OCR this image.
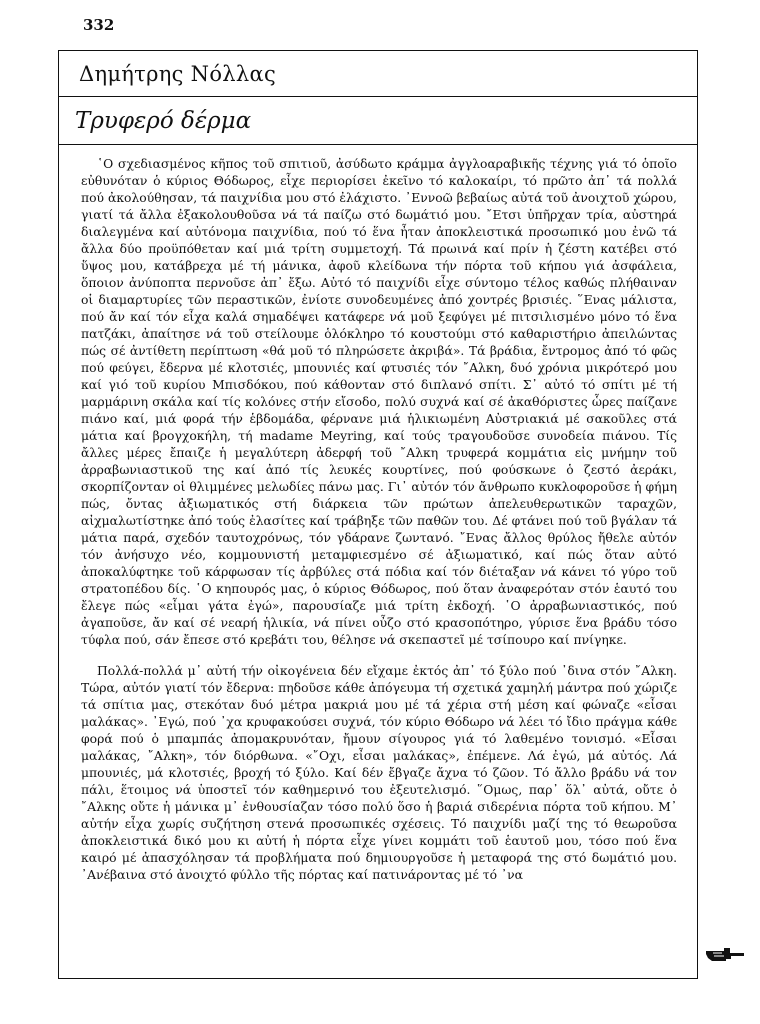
332
Δημήτρης Νόλλας
Τρυφερό δέρμα

῾Ο σχεδιασμένος κῆπος τοῦ σπιτιοῦ, ἀσύδωτο κράμμα ἀγγλοαραβικῆς τέχνης γιά τό ὁποῖο εὐθυνόταν ὁ κύριος Θόδωρος, εἶχε περιορίσει ἐκεῖνο τό καλοκαίρι, τό πρῶτο ἀπ᾿ τά πολλά πού ἀκολούθησαν, τά παιχνίδια μου στό ἐλάχιστο. ᾿Εννοῶ βεβαίως αὐτά τοῦ ἀνοιχτοῦ χώρου, γιατί τά ἄλλα ἐξακολουθοῦσα νά τά παίζω στό δωμάτιό μου. ῎Ετσι ὑπῆρχαν τρία, αὐστηρά διαλεγμένα καί αὐτόνομα παιχνίδια, πού τό ἕνα ἦταν ἀποκλειστικά προσωπικό μου ἐνῶ τά ἄλλα δύο προϋπόθεταν καί μιά τρίτη συμμετοχή. Τά πρωινά καί πρίν ἡ ζέστη κατέβει στό ὕψος μου, κατάβρεχα μέ τή μάνικα, ἀφοῦ κλείδωνα τήν πόρτα τοῦ κήπου γιά ἀσφάλεια, ὅποιον ἀνύποπτα περνοῦσε ἀπ᾿ ἔξω. Αὐτό τό παιχνίδι εἶχε σύντομο τέλος καθώς πλήθαιναν οἱ διαμαρτυρίες τῶν περαστικῶν, ἐνίοτε συνοδευμένες ἀπό χοντρές βρισιές. ῞Ενας μάλιστα, πού ἄν καί τόν εἶχα καλά σημαδέψει κατάφερε νά μοῦ ξεφύγει μέ πιτσιλισμένο μόνο τό ἕνα πατζάκι, ἀπαίτησε νά τοῦ στείλουμε ὁλόκληρο τό κουστούμι στό καθαριστήριο ἀπειλώντας πώς σέ ἀντίθετη περίπτωση «θά μοῦ τό πληρώσετε ἀκριβά». Τά βράδια, ἔντρομος ἀπό τό φῶς πού φεύγει, ἔδερνα μέ κλοτσιές, μπουνιές καί φτυσιές τόν ῎Αλκη, δυό χρόνια μικρότερό μου καί γιό τοῦ κυρίου Μπισδόκου, πού κάθονταν στό διπλανό σπίτι. Σ᾿ αὐτό τό σπίτι μέ τή μαρμάρινη σκάλα καί τίς κολόνες στήν εἴσοδο, πολύ συχνά καί σέ ἀκαθόριστες ὧρες παίζανε πιάνο καί, μιά φορά τήν ἑβδομάδα, φέρνανε μιά ἡλικιωμένη Αὐστριακιά μέ σακοῦλες στά μάτια καί βρογχοκήλη, τή madame Meyring, καί τούς τραγουδοῦσε συνοδεία πιάνου. Τίς ἄλλες μέρες ἔπαιζε ἡ μεγαλύτερη ἀδερφή τοῦ ῎Αλκη τρυφερά κομμάτια εἰς μνήμην τοῦ ἀρραβωνιαστικοῦ της καί ἀπό τίς λευκές κουρτίνες, πού φούσκωνε ὁ ζεστό ἀεράκι, σκορπίζονταν οἱ θλιμμένες μελωδίες πάνω μας. Γι᾿ αὐτόν τόν ἄνθρωπο κυκλοφοροῦσε ἡ φήμη πώς, ὄντας ἀξιωματικός στή διάρκεια τῶν πρώτων ἀπελευθερωτικῶν ταραχῶν, αἰχμαλωτίστηκε ἀπό τούς ἐλασίτες καί τράβηξε τῶν παθῶν του. Δέ φτάνει πού τοῦ βγάλαν τά μάτια παρά, σχεδόν ταυτοχρόνως, τόν γδάρανε ζωντανό. ῎Ενας ἄλλος θρύλος ἤθελε αὐτόν τόν ἀνήσυχο νέο, κομμουνιστή μεταμφιεσμένο σέ ἀξιωματικό, καί πώς ὅταν αὐτό ἀποκαλύφτηκε τοῦ κάρφωσαν τίς ἀρβύλες στά πόδια καί τόν διέταξαν νά κάνει τό γύρο τοῦ στρατοπέδου δίς. ῾Ο κηπουρός μας, ὁ κύριος Θόδωρος, πού ὅταν ἀναφερόταν στόν ἑαυτό του ἔλεγε πώς «εἶμαι γάτα ἐγώ», παρουσίαζε μιά τρίτη ἐκδοχή. ῾Ο ἀρραβωνιαστικός, πού ἀγαποῦσε, ἄν καί σέ νεαρή ἡλικία, νά πίνει οὖζο στό κρασοπότηρο, γύρισε ἕνα βράδυ τόσο τύφλα πού, σάν ἔπεσε στό κρεβάτι του, θέλησε νά σκεπαστεῖ μέ τσίπουρο καί πνίγηκε.

Πολλά-πολλά μ᾿ αὐτή τήν οἰκογένεια δέν εἴχαμε ἐκτός ἀπ᾿ τό ξύλο πού ᾿δινα στόν ῎Αλκη. Τώρα, αὐτόν γιατί τόν ἔδερνα: πηδοῦσε κάθε ἀπόγευμα τή σχετικά χαμηλή μάντρα πού χώριζε τά σπίτια μας, στεκόταν δυό μέτρα μακριά μου μέ τά χέρια στή μέση καί φώναζε «εἶσαι μαλάκας». ᾿Εγώ, πού ᾿χα κρυφακούσει συχνά, τόν κύριο Θόδωρο νά λέει τό ἴδιο πράγμα κάθε φορά πού ὁ μπαμπάς ἀπομακρυνόταν, ἤμουν σίγουρος γιά τό λαθεμένο τονισμό. «Εἶσαι μαλάκας, ῎Αλκη», τόν διόρθωνα. «῎Οχι, εἶσαι μαλάκας», ἐπέμενε. Λά ἐγώ, μά αὐτός. Λά μπουνιές, μά κλοτσιές, βροχή τό ξύλο. Καί δέν ἔβγαζε ἄχνα τό ζῶον. Τό ἄλλο βράδυ νά τον πάλι, ἕτοιμος νά ὑποστεῖ τόν καθημερινό του ἐξευτελισμό. ῞Ομως, παρ᾿ ὅλ᾿ αὐτά, οὔτε ὁ ῎Αλκης οὔτε ἡ μάνικα μ᾿ ἐνθουσίαζαν τόσο πολύ ὅσο ἡ βαριά σιδερένια πόρτα τοῦ κήπου. Μ᾿ αὐτήν εἶχα χωρίς συζήτηση στενά προσωπικές σχέσεις. Τό παιχνίδι μαζί της τό θεωροῦσα ἀποκλειστικά δικό μου κι αὐτή ἡ πόρτα εἶχε γίνει κομμάτι τοῦ ἑαυτοῦ μου, τόσο πού ἕνα καιρό μέ ἀπασχόλησαν τά προβλήματα πού δημιουργοῦσε ἡ μεταφορά της στό δωμάτιό μου. ᾿Ανέβαινα στό ἀνοιχτό φύλλο τῆς πόρτας καί πατινάροντας μέ τό ᾿να
